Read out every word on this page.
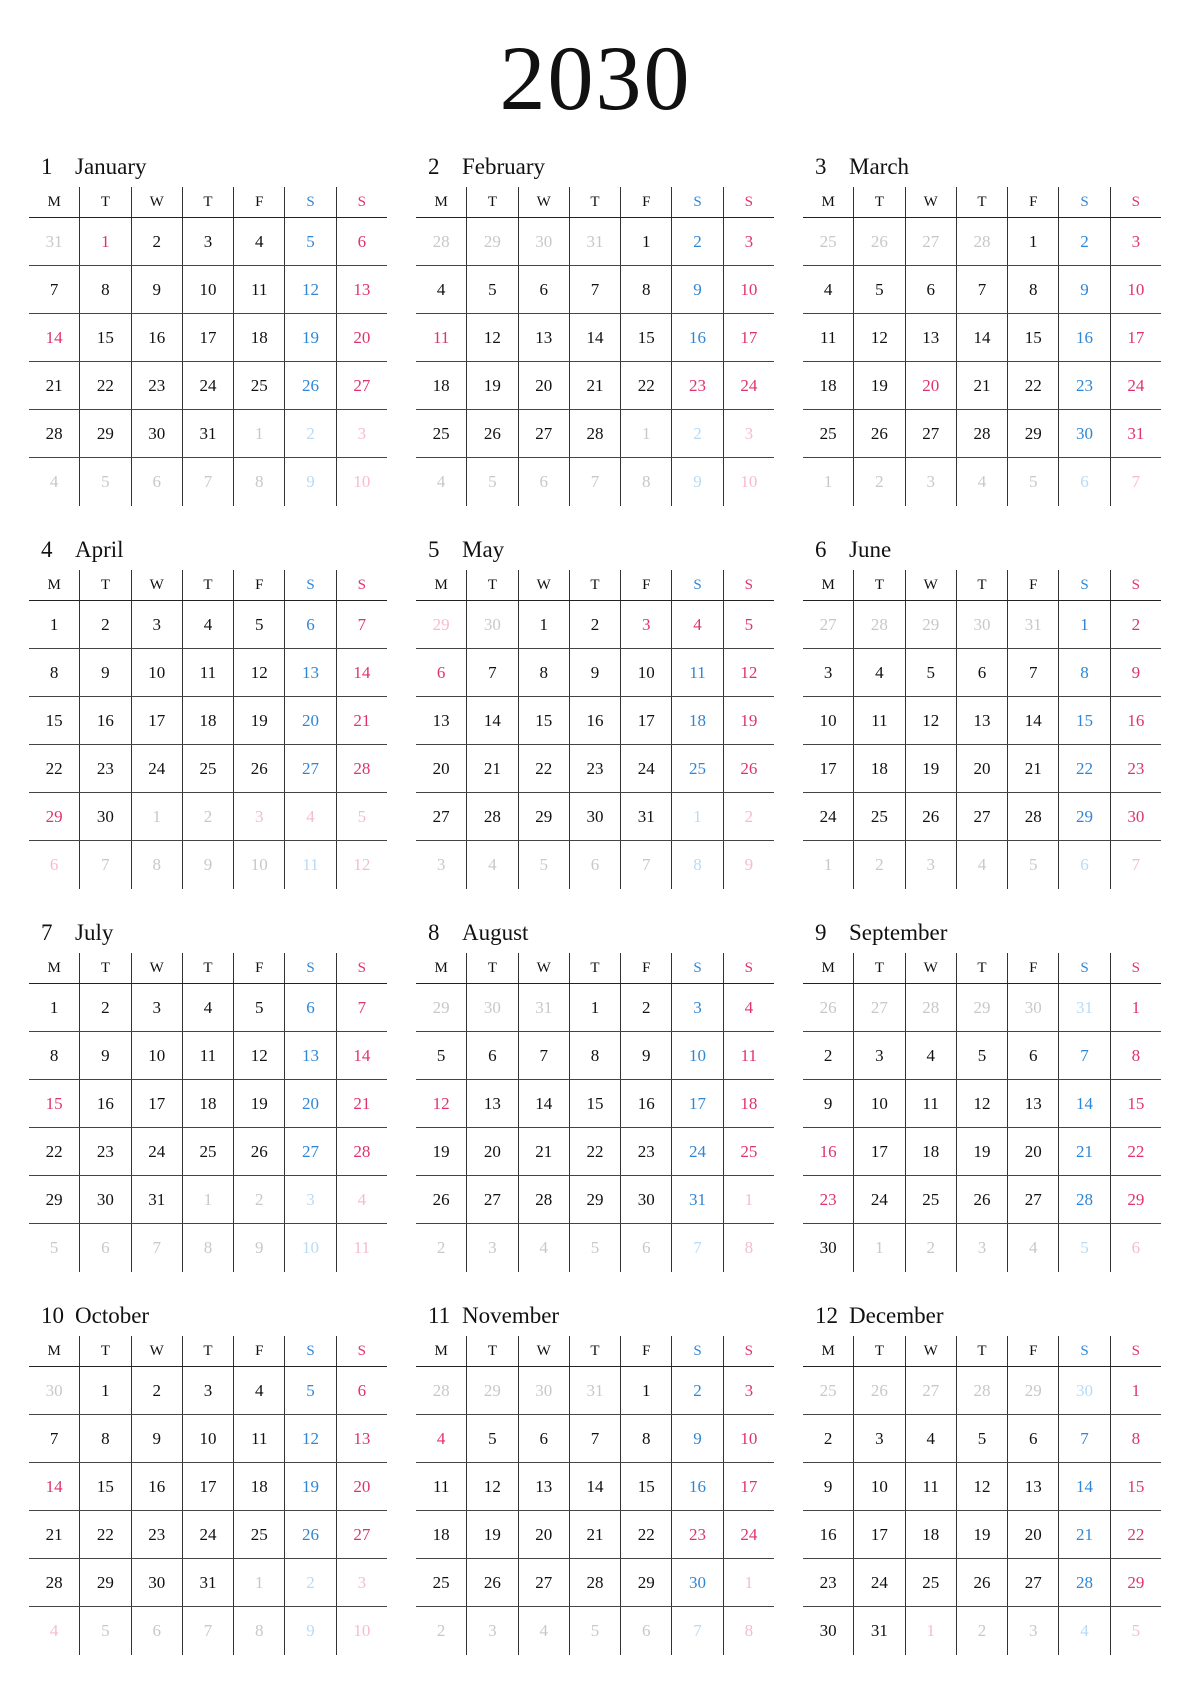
2030
1 January
M	T	W	T	F	S	S
31	1	2	3	4	5	6
7	8	9	10	11	12	13
14	15	16	17	18	19	20
21	22	23	24	25	26	27
28	29	30	31	1	2	3
4	5	6	7	8	9	10
2 February
M	T	W	T	F	S	S
28	29	30	31	1	2	3
4	5	6	7	8	9	10
11	12	13	14	15	16	17
18	19	20	21	22	23	24
25	26	27	28	1	2	3
4	5	6	7	8	9	10
3 March
M	T	W	T	F	S	S
25	26	27	28	1	2	3
4	5	6	7	8	9	10
11	12	13	14	15	16	17
18	19	20	21	22	23	24
25	26	27	28	29	30	31
1	2	3	4	5	6	7
4 April
M	T	W	T	F	S	S
1	2	3	4	5	6	7
8	9	10	11	12	13	14
15	16	17	18	19	20	21
22	23	24	25	26	27	28
29	30	1	2	3	4	5
6	7	8	9	10	11	12
5 May
M	T	W	T	F	S	S
29	30	1	2	3	4	5
6	7	8	9	10	11	12
13	14	15	16	17	18	19
20	21	22	23	24	25	26
27	28	29	30	31	1	2
3	4	5	6	7	8	9
6 June
M	T	W	T	F	S	S
27	28	29	30	31	1	2
3	4	5	6	7	8	9
10	11	12	13	14	15	16
17	18	19	20	21	22	23
24	25	26	27	28	29	30
1	2	3	4	5	6	7
7 July
M	T	W	T	F	S	S
1	2	3	4	5	6	7
8	9	10	11	12	13	14
15	16	17	18	19	20	21
22	23	24	25	26	27	28
29	30	31	1	2	3	4
5	6	7	8	9	10	11
8 August
M	T	W	T	F	S	S
29	30	31	1	2	3	4
5	6	7	8	9	10	11
12	13	14	15	16	17	18
19	20	21	22	23	24	25
26	27	28	29	30	31	1
2	3	4	5	6	7	8
9 September
M	T	W	T	F	S	S
26	27	28	29	30	31	1
2	3	4	5	6	7	8
9	10	11	12	13	14	15
16	17	18	19	20	21	22
23	24	25	26	27	28	29
30	1	2	3	4	5	6
10 October
M	T	W	T	F	S	S
30	1	2	3	4	5	6
7	8	9	10	11	12	13
14	15	16	17	18	19	20
21	22	23	24	25	26	27
28	29	30	31	1	2	3
4	5	6	7	8	9	10
11 November
M	T	W	T	F	S	S
28	29	30	31	1	2	3
4	5	6	7	8	9	10
11	12	13	14	15	16	17
18	19	20	21	22	23	24
25	26	27	28	29	30	1
2	3	4	5	6	7	8
12 December
M	T	W	T	F	S	S
25	26	27	28	29	30	1
2	3	4	5	6	7	8
9	10	11	12	13	14	15
16	17	18	19	20	21	22
23	24	25	26	27	28	29
30	31	1	2	3	4	5
